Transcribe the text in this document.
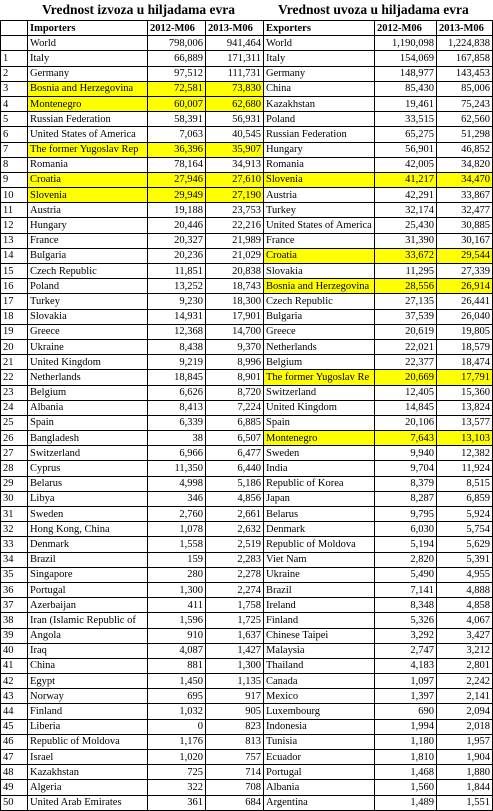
Vrednost izvoza u hiljadama evra	Vrednost uvoza u hiljadama evra
	Importers	2012-M06	2013-M06	Exporters	2012-M06	2013-M06
	World	798,006	941,464	World	1,190,098	1,224,838
1	Italy	66,889	171,311	Italy	154,069	167,858
2	Germany	97,512	111,731	Germany	148,977	143,453
3	Bosnia and Herzegovina	72,581	73,830	China	85,430	85,006
4	Montenegro	60,007	62,680	Kazakhstan	19,461	75,243
5	Russian Federation	58,391	56,931	Poland	33,515	62,560
6	United States of America	7,063	40,545	Russian Federation	65,275	51,298
7	The former Yugoslav Rep	36,396	35,907	Hungary	56,901	46,852
8	Romania	78,164	34,913	Romania	42,005	34,820
9	Croatia	27,946	27,610	Slovenia	41,217	34,470
10	Slovenia	29,949	27,190	Austria	42,291	33,867
11	Austria	19,188	23,753	Turkey	32,174	32,477
12	Hungary	20,446	22,216	United States of America	25,430	30,885
13	France	20,327	21,989	France	31,390	30,167
14	Bulgaria	20,236	21,029	Croatia	33,672	29,544
15	Czech Republic	11,851	20,838	Slovakia	11,295	27,339
16	Poland	13,252	18,743	Bosnia and Herzegovina	28,556	26,914
17	Turkey	9,230	18,300	Czech Republic	27,135	26,441
18	Slovakia	14,931	17,901	Bulgaria	37,539	26,040
19	Greece	12,368	14,700	Greece	20,619	19,805
20	Ukraine	8,438	9,370	Netherlands	22,021	18,579
21	United Kingdom	9,219	8,996	Belgium	22,377	18,474
22	Netherlands	18,845	8,901	The former Yugoslav Re	20,669	17,791
23	Belgium	6,626	8,720	Switzerland	12,405	15,360
24	Albania	8,413	7,224	United Kingdom	14,845	13,824
25	Spain	6,339	6,885	Spain	20,106	13,577
26	Bangladesh	38	6,507	Montenegro	7,643	13,103
27	Switzerland	6,966	6,477	Sweden	9,940	12,382
28	Cyprus	11,350	6,440	India	9,704	11,924
29	Belarus	4,998	5,186	Republic of Korea	8,379	8,515
30	Libya	346	4,856	Japan	8,287	6,859
31	Sweden	2,760	2,661	Belarus	9,795	5,924
32	Hong Kong, China	1,078	2,632	Denmark	6,030	5,754
33	Denmark	1,558	2,519	Republic of Moldova	5,194	5,629
34	Brazil	159	2,283	Viet Nam	2,820	5,391
35	Singapore	280	2,278	Ukraine	5,490	4,955
36	Portugal	1,300	2,274	Brazil	7,141	4,888
37	Azerbaijan	411	1,758	Ireland	8,348	4,858
38	Iran (Islamic Republic of	1,596	1,725	Finland	5,326	4,067
39	Angola	910	1,637	Chinese Taipei	3,292	3,427
40	Iraq	4,087	1,427	Malaysia	2,747	3,212
41	China	881	1,300	Thailand	4,183	2,801
42	Egypt	1,450	1,135	Canada	1,097	2,242
43	Norway	695	917	Mexico	1,397	2,141
44	Finland	1,032	905	Luxembourg	690	2,094
45	Liberia	0	823	Indonesia	1,994	2,018
46	Republic of Moldova	1,176	813	Tunisia	1,180	1,957
47	Israel	1,020	757	Ecuador	1,810	1,904
48	Kazakhstan	725	714	Portugal	1,468	1,880
49	Algeria	322	708	Albania	1,560	1,844
50	United Arab Emirates	361	684	Argentina	1,489	1,551
